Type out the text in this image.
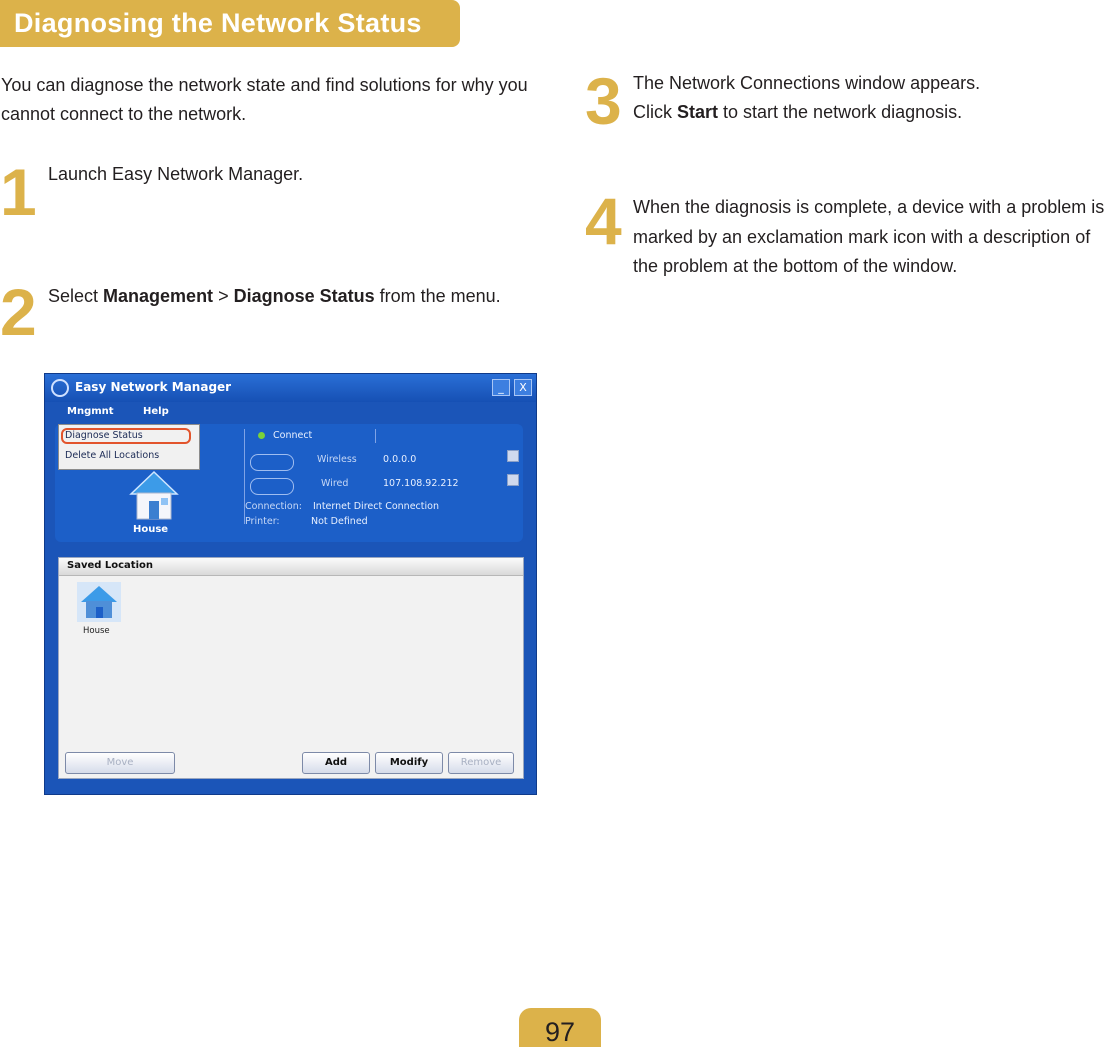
Diagnosing the Network Status
You can diagnose the network state and find solutions for why you cannot connect to the network.
1 Launch Easy Network Manager.
2 Select Management > Diagnose Status from the menu.
3 The Network Connections window appears.
Click Start to start the network diagnosis.
4 When the diagnosis is complete, a device with a problem is marked by an exclamation mark icon with a description of the problem at the bottom of the window.
Easy Network Manager	_	X
Mngmnt	Help
Diagnose Status
Delete All Locations
House
Connect
Wireless	0.0.0.0
Wired	107.108.92.212
Connection: Internet Direct Connection
Printer:	Not Defined
Saved Location
House
Move	Add	Modify	Remove
97
